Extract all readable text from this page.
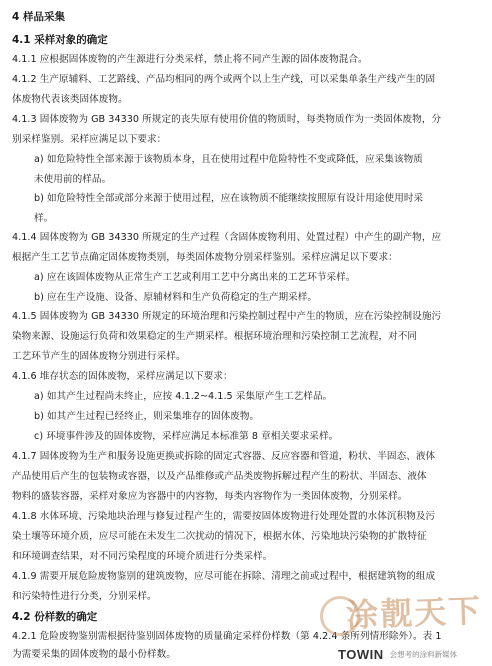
4 样品采集
4.1 采样对象的确定
4.1.1 应根据固体废物的产生源进行分类采样，禁止将不同产生源的固体废物混合。
4.1.2 生产原辅料、工艺路线、产品均相同的两个或两个以上生产线，可以采集单条生产线产生的固
体废物代表该类固体废物。
4.1.3 固体废物为 GB 34330 所规定的丧失原有使用价值的物质时，每类物质作为一类固体废物，分
别采样鉴别。采样应满足以下要求：
a) 如危险特性全部来源于该物质本身，且在使用过程中危险特性不变或降低，应采集该物质
未使用前的样品。
b) 如危险特性全部或部分来源于使用过程，应在该物质不能继续按照原有设计用途使用时采
样。
4.1.4 固体废物为 GB 34330 所规定的生产过程（含固体废物利用、处置过程）中产生的副产物，应
根据产生工艺节点确定固体废物类别，每类固体废物分别采样鉴别。采样应满足以下要求：
a) 应在该固体废物从正常生产工艺或利用工艺中分离出来的工艺环节采样。
b) 应在生产设施、设备、原辅材料和生产负荷稳定的生产期采样。
4.1.5 固体废物为 GB 34330 所规定的环境治理和污染控制过程中产生的物质，应在污染控制设施污
染物来源、设施运行负荷和效果稳定的生产期采样。根据环境治理和污染控制工艺流程，对不同
工艺环节产生的固体废物分别进行采样。
4.1.6 堆存状态的固体废物，采样应满足以下要求：
a) 如其产生过程尚未终止，应按 4.1.2~4.1.5 采集原产生工艺样品。
b) 如其产生过程已经终止，则采集堆存的固体废物。
c) 环境事件涉及的固体废物，采样应满足本标准第 8 章相关要求采样。
4.1.7 固体废物为生产和服务设施更换或拆除的固定式容器、反应容器和管道，粉状、半固态、液体
产品使用后产生的包装物或容器，以及产品维修或产品类废物拆解过程产生的粉状、半固态、液体
物料的盛装容器，采样对象应为容器中的内容物，每类内容物作为一类固体废物，分别采样。
4.1.8 水体环境、污染地块治理与修复过程产生的，需要按固体废物进行处理处置的水体沉积物及污
染土壤等环境介质，应尽可能在未发生二次扰动的情况下，根据水体、污染地块污染物的扩散特征
和环境调查结果，对不同污染程度的环境介质进行分类采样。
4.1.9 需要开展危险废物鉴别的建筑废物，应尽可能在拆除、清理之前或过程中，根据建筑物的组成
和污染特性进行分类，分别采样。
4.2 份样数的确定
4.2.1 危险废物鉴别需根据待鉴别固体废物的质量确定采样份样数（第 4.2.4 条所列情形除外）。表 1
为需要采集的固体废物的最小份样数。
涂靓天下
TOWIN 会想考的涂料新媒体
